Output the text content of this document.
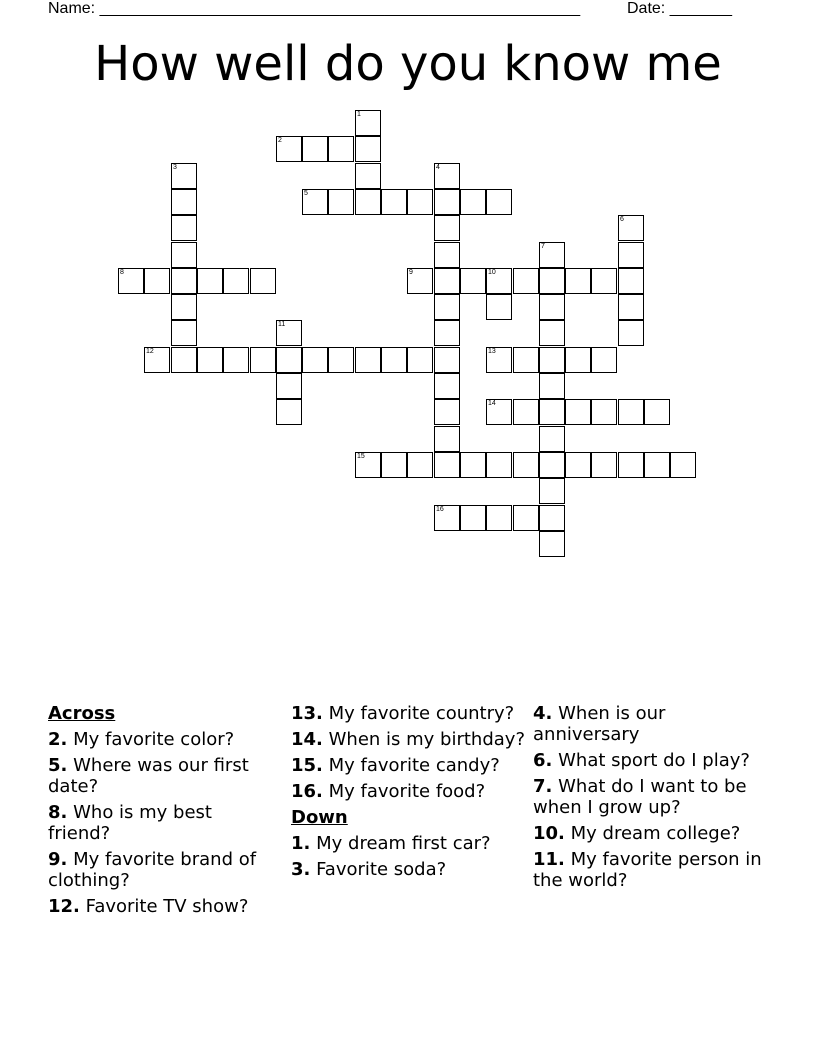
Name: ______________________________________________________	Date: _______
How well do you know me
1
2
3	4
5
6
7
8	9	10
11
12	13
14
15
16
Across
2. My favorite color?
5. Where was our first date?
8. Who is my best friend?
9. My favorite brand of clothing?
12. Favorite TV show?
13. My favorite country?
14. When is my birthday?
15. My favorite candy?
16. My favorite food?
Down
1. My dream first car?
3. Favorite soda?
4. When is our anniversary
6. What sport do I play?
7. What do I want to be when I grow up?
10. My dream college?
11. My favorite person in the world?
